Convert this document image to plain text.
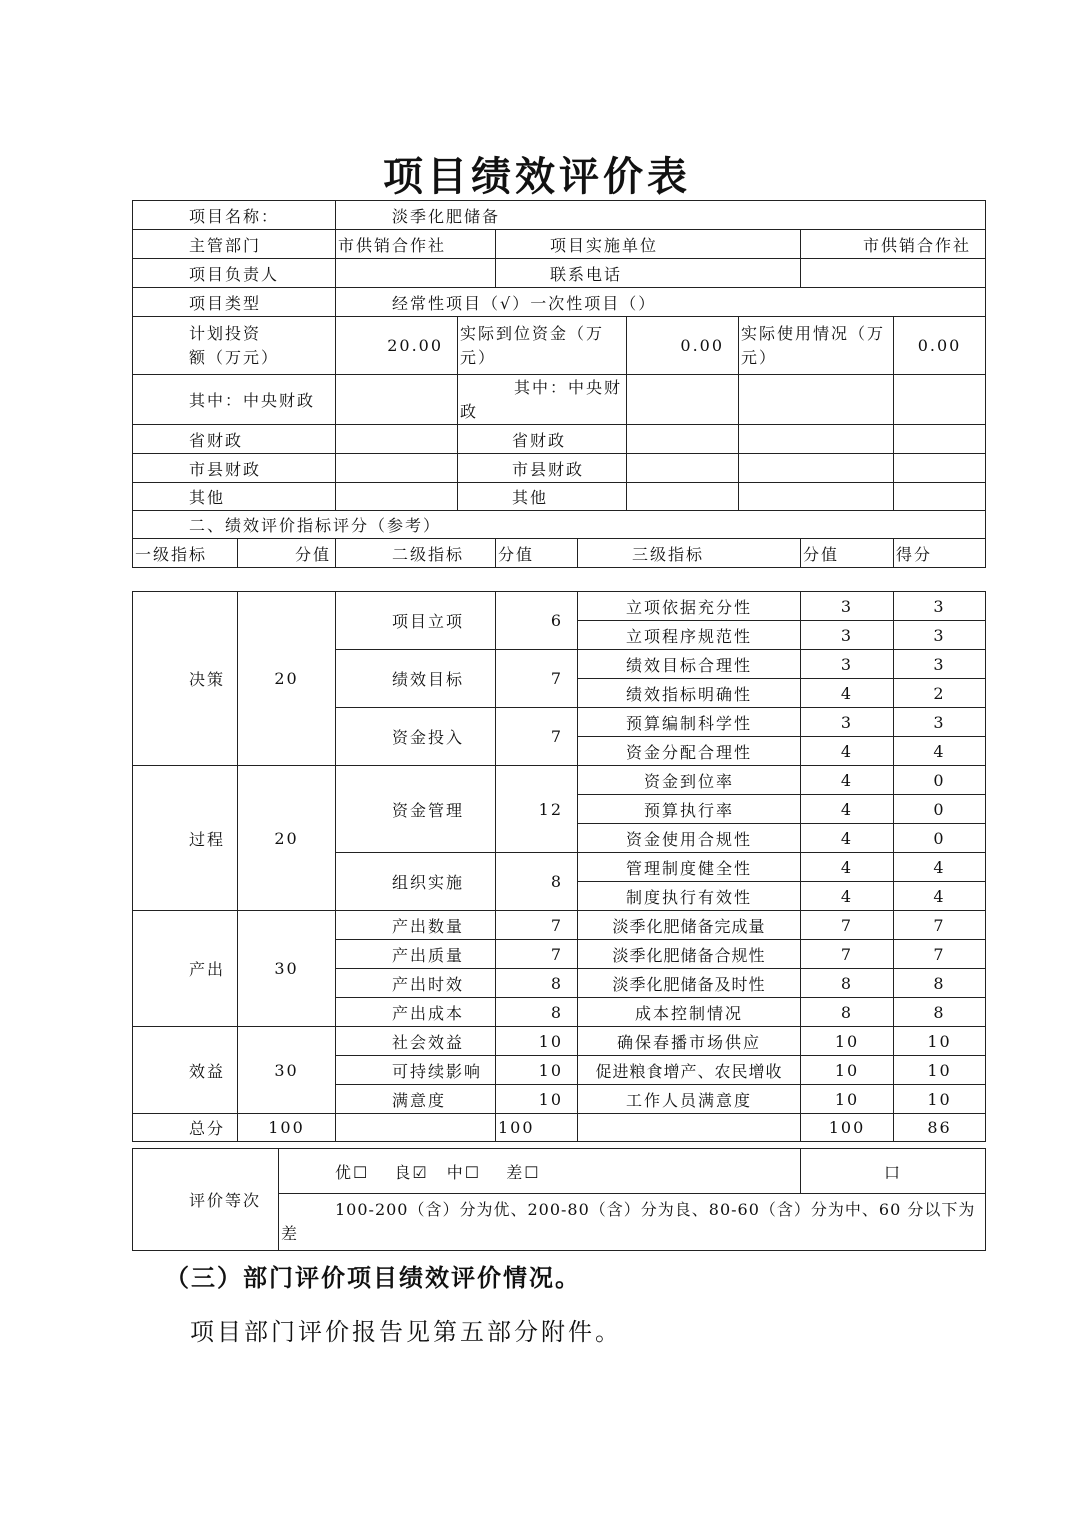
项目绩效评价表
项目名称：		淡季化肥储备							
主管部门		市供销合作社		项目实施单位				市供销合作社	
项目负责人				联系电话					
项目类型		经常性项目（√）一次性项目（）							
计划投资额（万元）		20.00	实际到位资金（万元）			0.00	实际使用情况（万元）		0.00
其中：中央财政			其中：中央财政						
省财政			省财政						
市县财政			市县财政						
其他			其他						
二、绩效评价指标评分（参考）									
一级指标	分值	二级指标		分值	三级指标			分值	得分
决策	20	项目立项	6	立项依据充分性	3	3
				立项程序规范性	3	3
		绩效目标	7	绩效目标合理性	3	3
				绩效指标明确性	4	2
		资金投入	7	预算编制科学性	3	3
				资金分配合理性	4	4
过程	20	资金管理	12	资金到位率	4	0
				预算执行率	4	0
				资金使用合规性	4	0
		组织实施	8	管理制度健全性	4	4
				制度执行有效性	4	4
产出	30	产出数量	7	淡季化肥储备完成量	7	7
		产出质量	7	淡季化肥储备合规性	7	7
		产出时效	8	淡季化肥储备及时性	8	8
		产出成本	8	成本控制情况	8	8
效益	30	社会效益	10	确保春播市场供应	10	10
		可持续影响	10	促进粮食增产、农民增收	10	10
		满意度	10	工作人员满意度	10	10
总分	100		100		100	86
评价等次	优☐　 良☑　中☐　 差☐	口
100-200（含）分为优、200-80（含）分为良、80-60（含）分为中、60 分以下为差
（三）部门评价项目绩效评价情况。
项目部门评价报告见第五部分附件。
